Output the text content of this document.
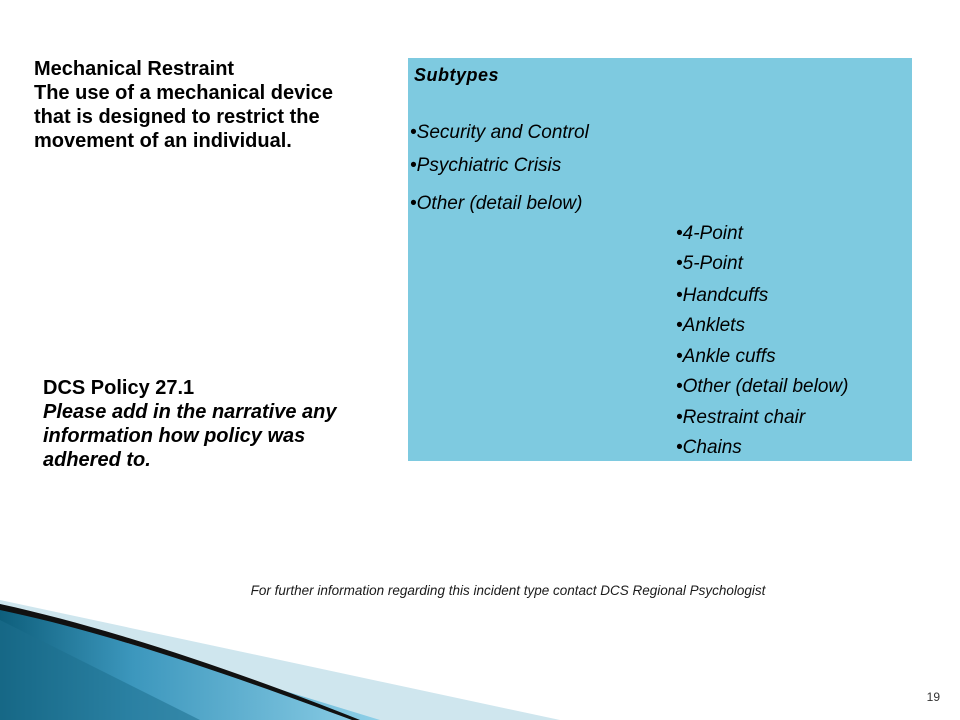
Mechanical Restraint
The use of a mechanical device that is designed to restrict the movement of an individual.
Subtypes
•Security and Control
•Psychiatric Crisis
•Other (detail below)
•4-Point
•5-Point
•Handcuffs
•Anklets
•Ankle cuffs
•Other (detail below)
•Restraint chair
•Chains
DCS Policy 27.1
Please add in the narrative any information how policy was adhered to.
For further information regarding this incident type contact DCS Regional Psychologist
19
